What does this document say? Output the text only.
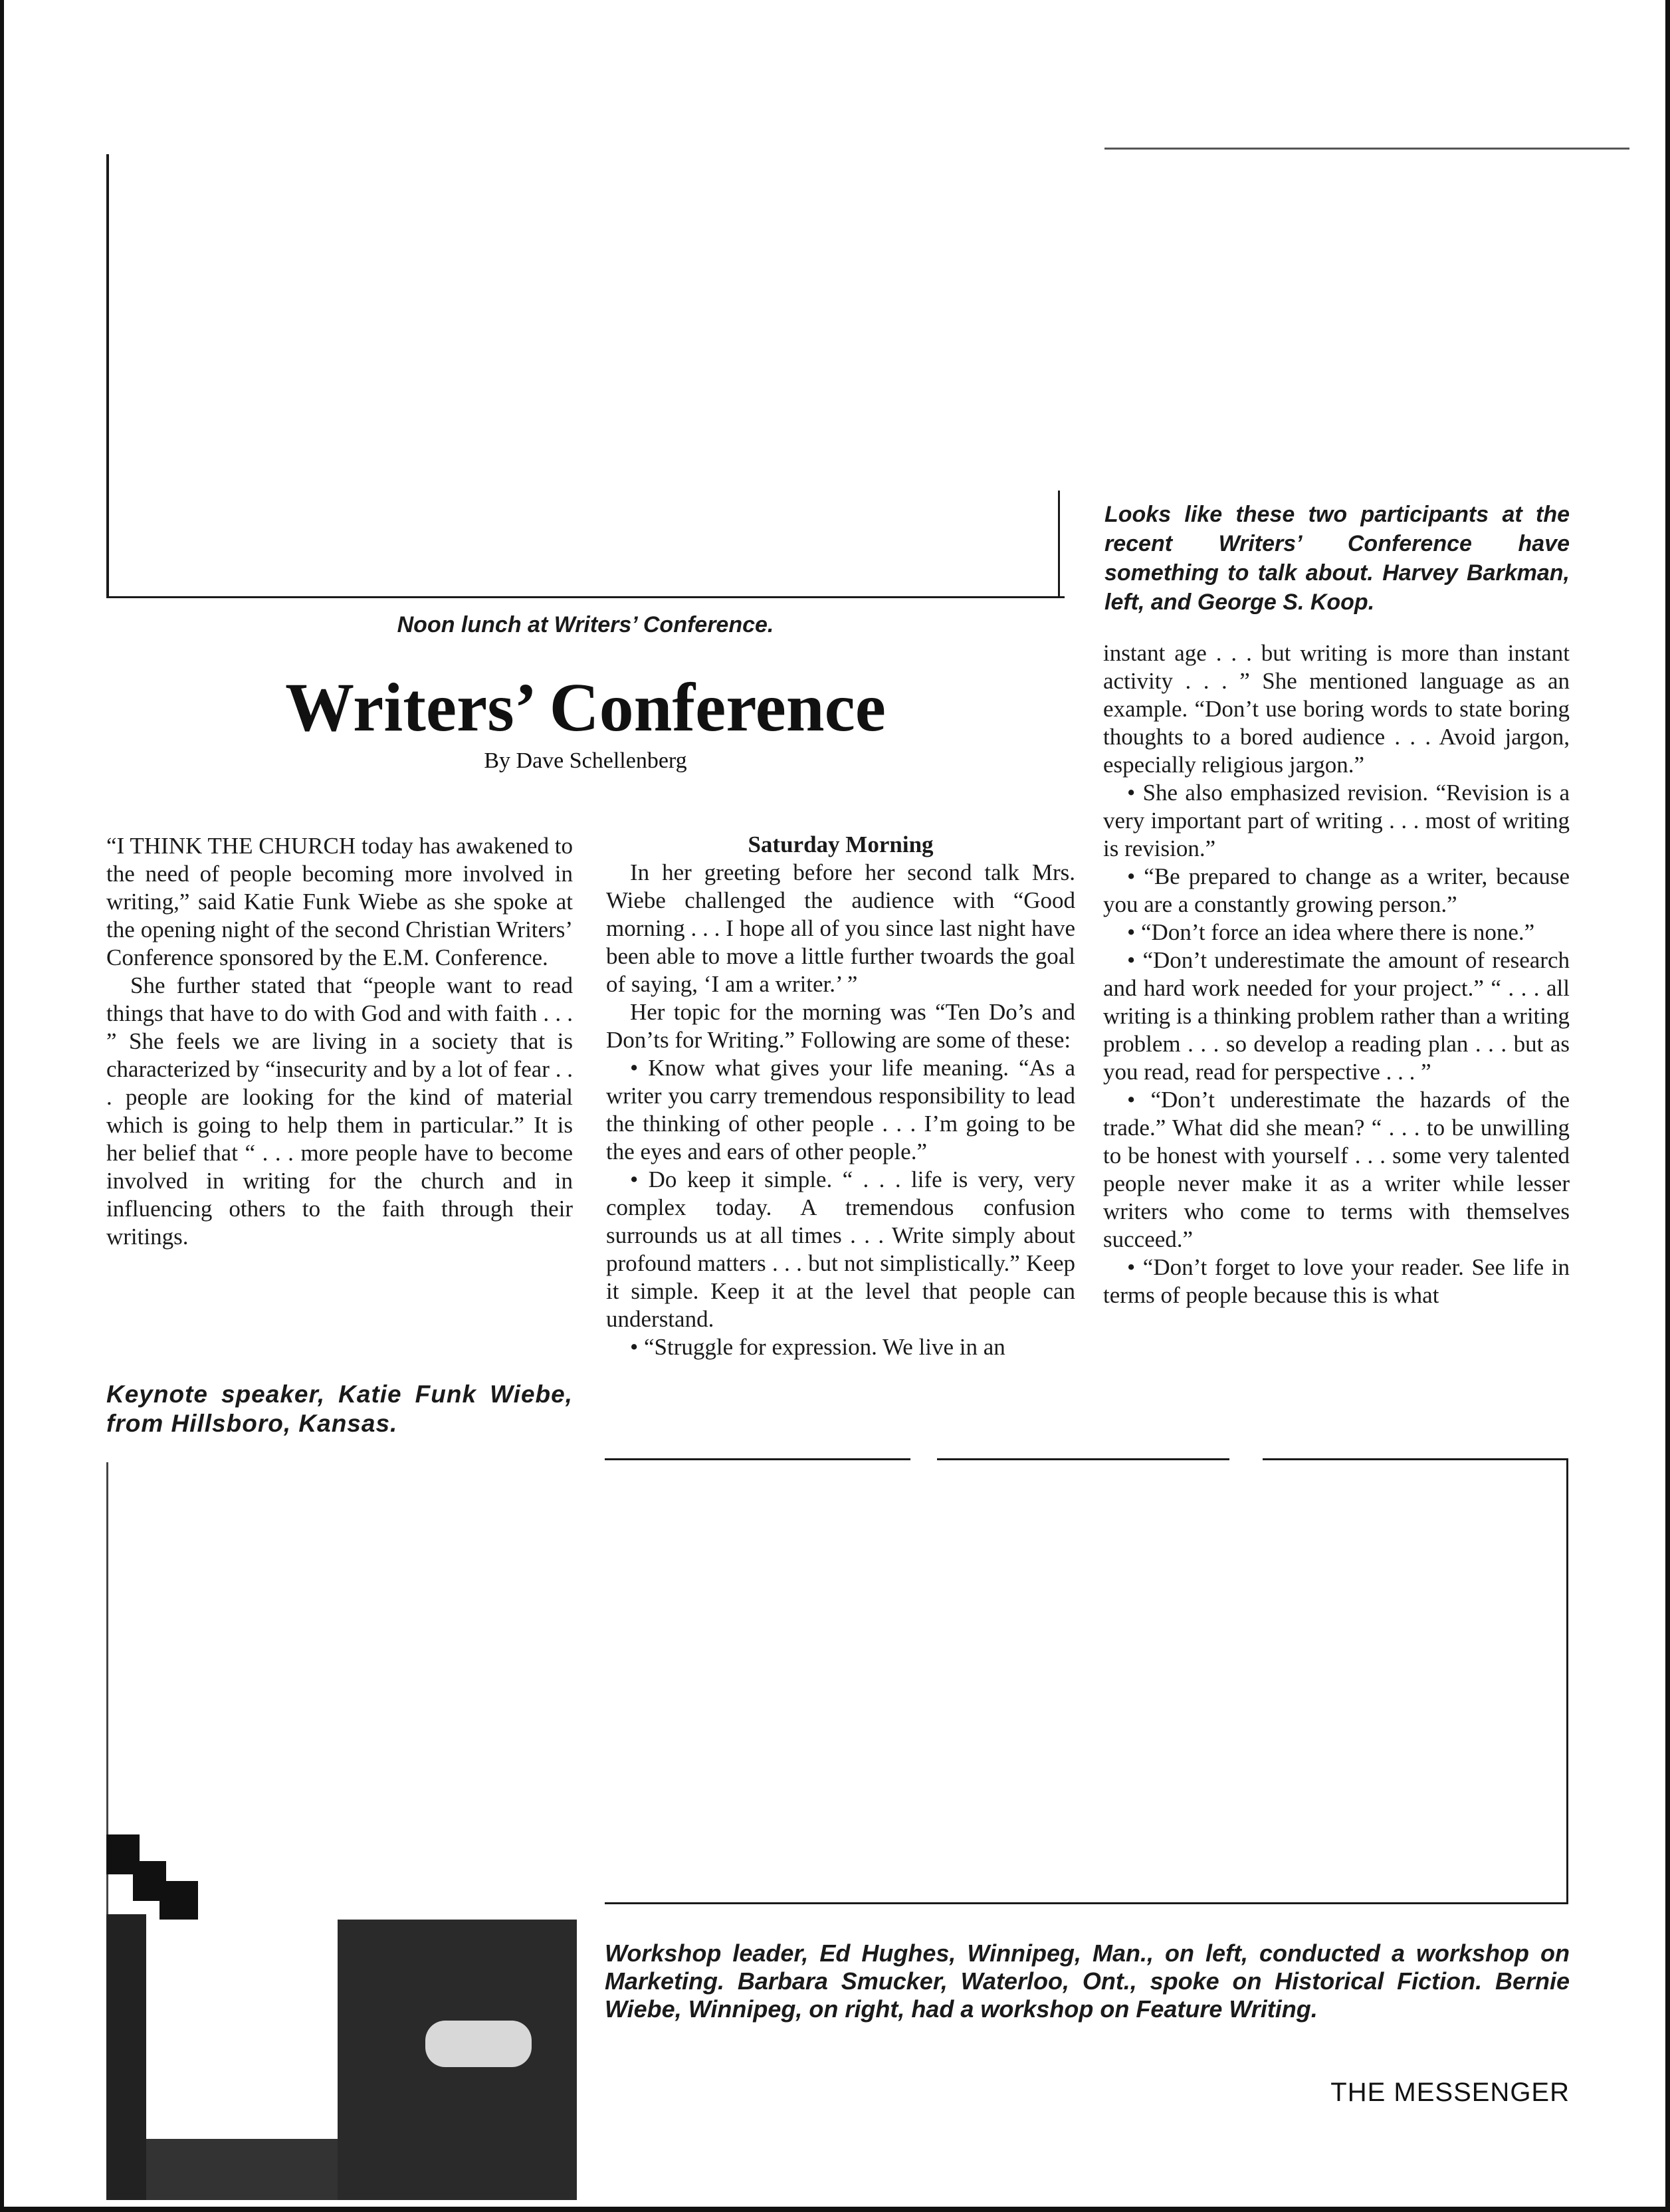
Noon lunch at Writers’ Conference.
Looks like these two participants at the recent Writers’ Conference have something to talk about. Harvey Barkman, left, and George S. Koop.
Writers’ Conference
By Dave Schellenberg

“I THINK THE CHURCH today has awakened to the need of people becoming more involved in writing,” said Katie Funk Wiebe as she spoke at the opening night of the second Christian Writers’ Conference sponsored by the E.M. Conference.

She further stated that “people want to read things that have to do with God and with faith . . . ” She feels we are living in a society that is characterized by “insecurity and by a lot of fear . . . people are looking for the kind of material which is going to help them in particular.” It is her belief that “ . . . more people have to become involved in writing for the church and in influencing others to the faith through their writings.

Keynote speaker, Katie Funk Wiebe, from Hillsboro, Kansas.
Saturday Morning

In her greeting before her second talk Mrs. Wiebe challenged the audience with “Good morning . . . I hope all of you since last night have been able to move a little further twoards the goal of saying, ‘I am a writer.’ ”

Her topic for the morning was “Ten Do’s and Don’ts for Writing.” Following are some of these:

• Know what gives your life meaning. “As a writer you carry tremendous responsibility to lead the thinking of other people . . . I’m going to be the eyes and ears of other people.”

• Do keep it simple. “ . . . life is very, very complex today. A tremendous confusion surrounds us at all times . . . Write simply about profound matters . . . but not simplistically.” Keep it simple. Keep it at the level that people can understand.

• “Struggle for expression. We live in an

instant age . . . but writing is more than instant activity . . . ” She mentioned language as an example. “Don’t use boring words to state boring thoughts to a bored audience . . . Avoid jargon, especially religious jargon.”

• She also emphasized revision. “Revision is a very important part of writing . . . most of writing is revision.”

• “Be prepared to change as a writer, because you are a constantly growing person.”

• “Don’t force an idea where there is none.”

• “Don’t underestimate the amount of research and hard work needed for your project.” “ . . . all writing is a thinking problem rather than a writing problem . . . so develop a reading plan . . . but as you read, read for perspective . . . ”

• “Don’t underestimate the hazards of the trade.” What did she mean? “ . . . to be unwilling to be honest with yourself . . . some very talented people never make it as a writer while lesser writers who come to terms with themselves succeed.”

• “Don’t forget to love your reader. See life in terms of people because this is what

Workshop leader, Ed Hughes, Winnipeg, Man., on left, conducted a workshop on Marketing. Barbara Smucker, Waterloo, Ont., spoke on Historical Fiction. Bernie Wiebe, Winnipeg, on right, had a workshop on Feature Writing.
THE MESSENGER
